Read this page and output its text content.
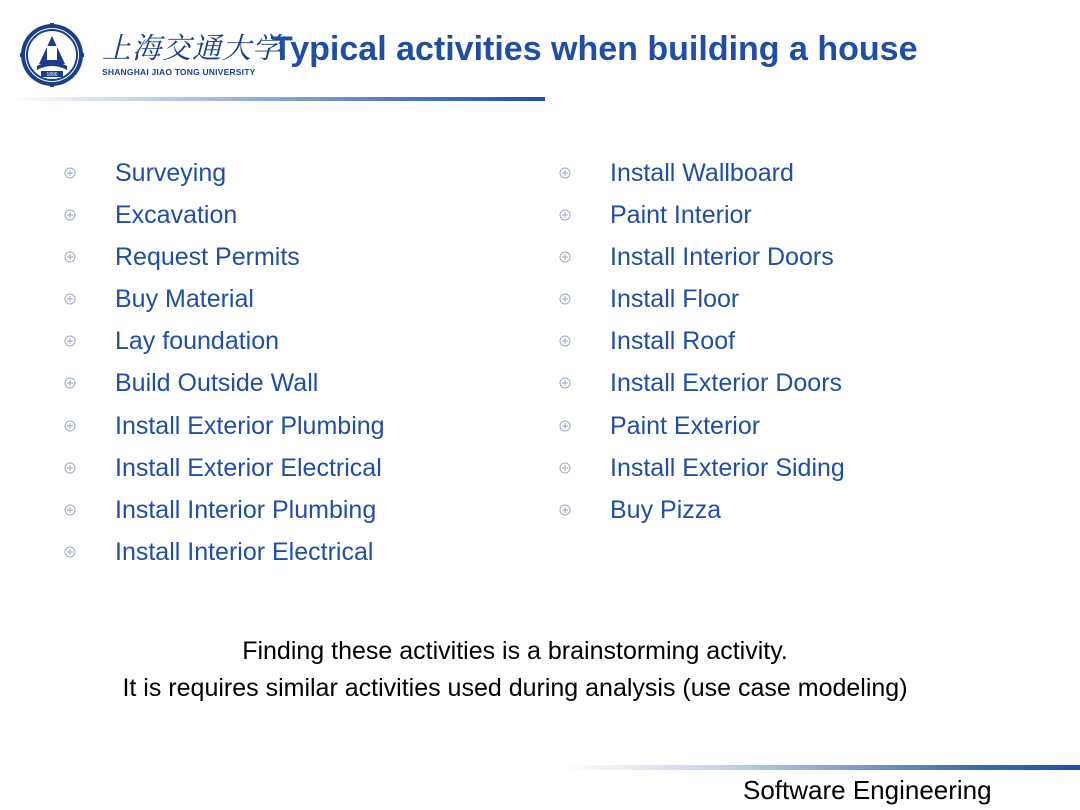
1896
上海交通大学
SHANGHAI JIAO TONG UNIVERSITY
Typical activities when building a house
Surveying
Excavation
Request Permits
Buy Material
Lay foundation
Build Outside Wall
Install Exterior Plumbing
Install Exterior Electrical
Install Interior Plumbing
Install Interior Electrical
Install Wallboard
Paint Interior
Install Interior Doors
Install Floor
Install Roof
Install Exterior Doors
Paint Exterior
Install Exterior Siding
Buy Pizza
Finding these activities is a brainstorming activity.
It is requires similar activities used during analysis (use case modeling)
Software Engineering
